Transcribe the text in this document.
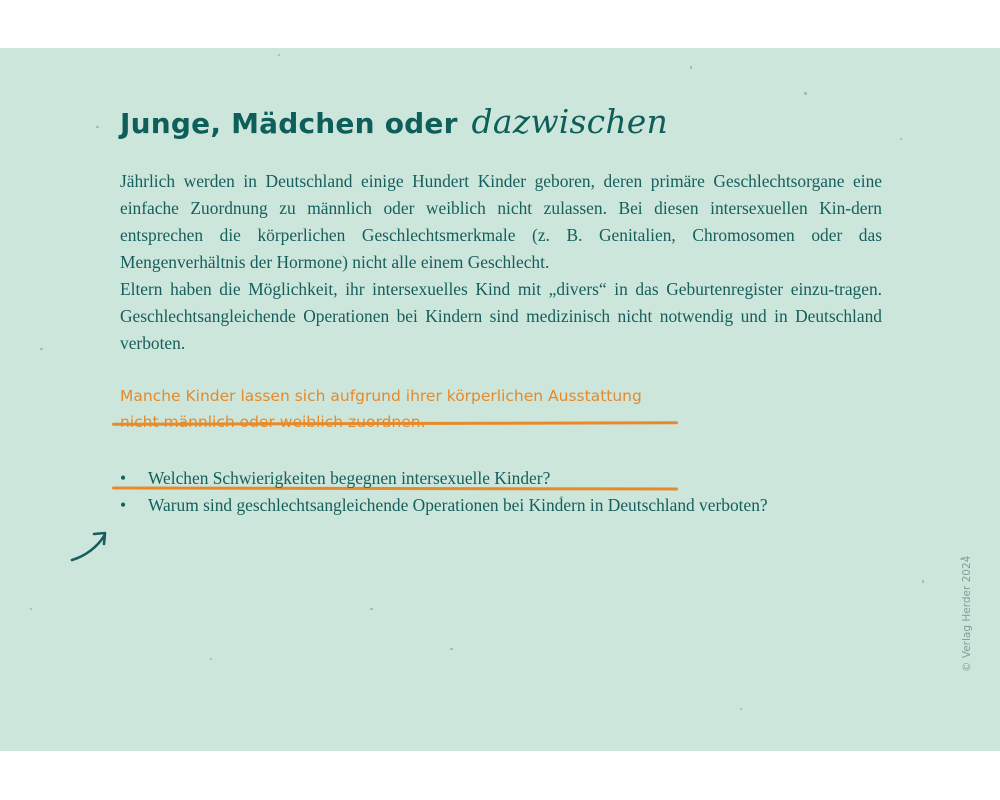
Junge, Mädchen oder dazwischen

Jährlich werden in Deutschland einige Hundert Kinder geboren, deren primäre Geschlechtsorgane eine einfache Zuordnung zu männlich oder weiblich nicht zulassen. Bei diesen intersexuellen Kin-dern entsprechen die körperlichen Geschlechtsmerkmale (z. B. Genitalien, Chromosomen oder das Mengenverhältnis der Hormone) nicht alle einem Geschlecht.

Eltern haben die Möglichkeit, ihr intersexuelles Kind mit „divers“ in das Geburtenregister einzu-tragen. Geschlechtsangleichende Operationen bei Kindern sind medizinisch nicht notwendig und in Deutschland verboten.

Manche Kinder lassen sich aufgrund ihrer körperlichen Ausstattung nicht männlich oder weiblich zuordnen.

• Welchen Schwierigkeiten begegnen intersexuelle Kinder?
• Warum sind geschlechtsangleichende Operationen bei Kindern in Deutschland verboten?
© Verlag Herder 2024
